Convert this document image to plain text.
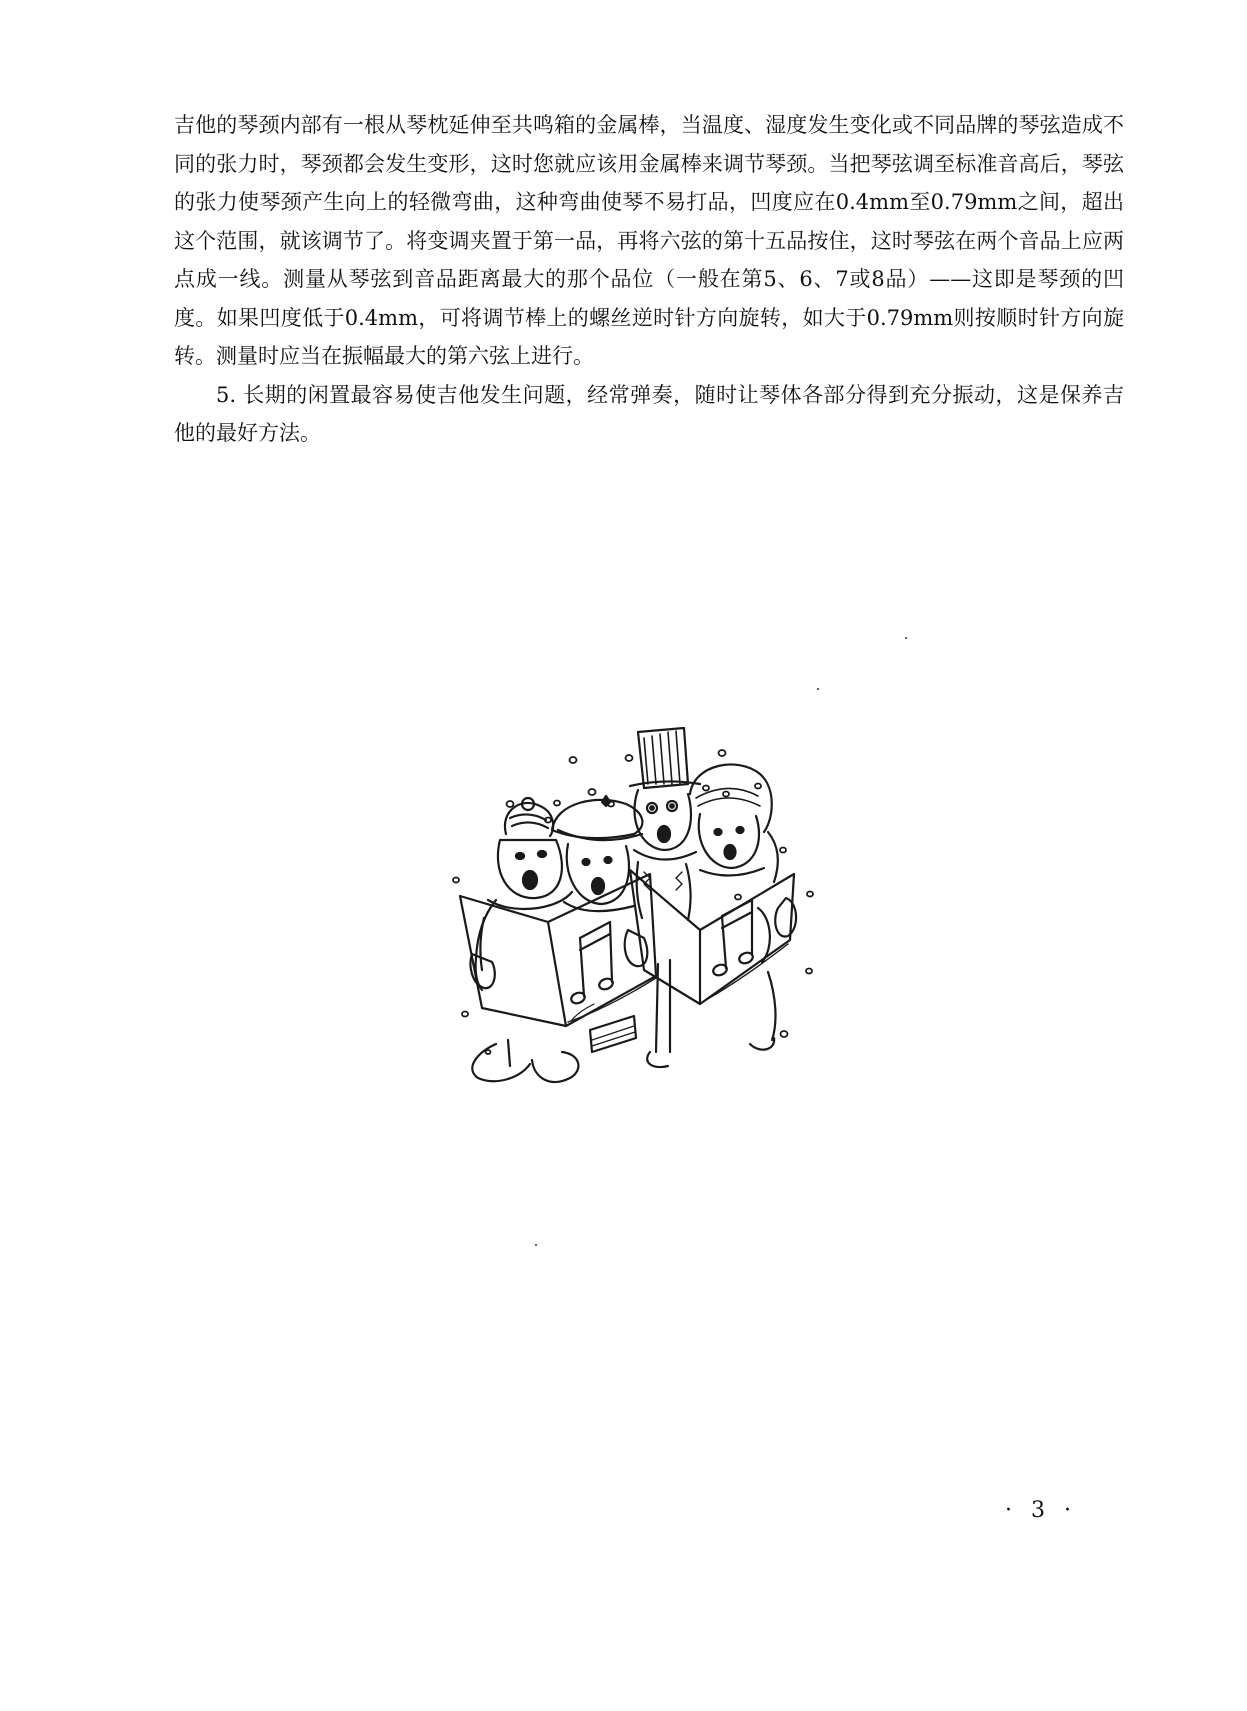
吉他的琴颈内部有一根从琴枕延伸至共鸣箱的金属棒，当温度、湿度发生变化或不同品牌的琴弦造成不同的张力时，琴颈都会发生变形，这时您就应该用金属棒来调节琴颈。当把琴弦调至标准音高后，琴弦的张力使琴颈产生向上的轻微弯曲，这种弯曲使琴不易打品，凹度应在0.4mm至0.79mm之间，超出这个范围，就该调节了。将变调夹置于第一品，再将六弦的第十五品按住，这时琴弦在两个音品上应两点成一线。测量从琴弦到音品距离最大的那个品位（一般在第5、6、7或8品）——这即是琴颈的凹度。如果凹度低于0.4mm，可将调节棒上的螺丝逆时针方向旋转，如大于0.79mm则按顺时针方向旋转。测量时应当在振幅最大的第六弦上进行。

5. 长期的闲置最容易使吉他发生问题，经常弹奏，随时让琴体各部分得到充分振动，这是保养吉他的最好方法。

· 3 ·
